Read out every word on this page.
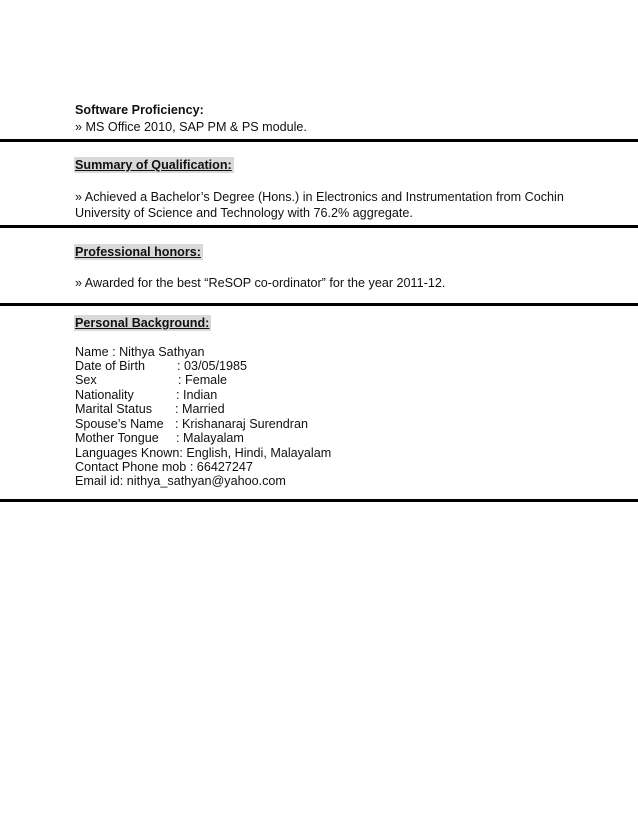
Software Proficiency:
» MS Office 2010, SAP PM & PS module.
Summary of Qualification:
» Achieved a Bachelor’s Degree (Hons.) in Electronics and Instrumentation from Cochin
University of Science and Technology with 76.2% aggregate.
Professional honors:
» Awarded for the best “ReSOP co-ordinator” for the year 2011-12.
Personal Background:
Name : Nithya Sathyan
Date of Birth	: 03/05/1985
Sex	: Female
Nationality	: Indian
Marital Status : Married
Spouse’s Name : Krishanaraj Surendran
Mother Tongue : Malayalam
Languages Known: English, Hindi, Malayalam
Contact Phone mob : 66427247
Email id: nithya_sathyan@yahoo.com
